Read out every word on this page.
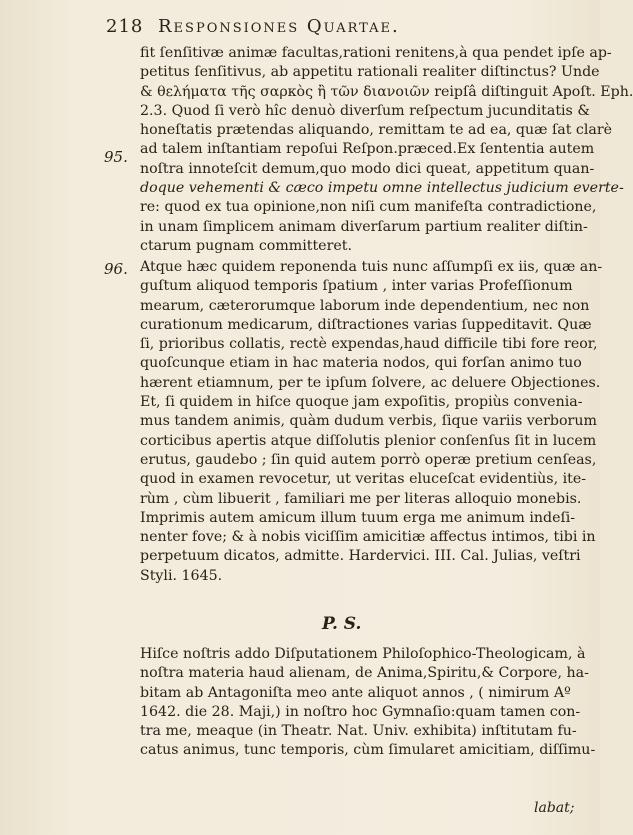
218 Responsiones Quartae.
fit ſenſitivæ animæ facultas,rationi renitens,à qua pendet ipſe ap-
petitus ſenſitivus, ab appetitu rationali realiter diſtinctus? Unde
& θελήματα τῆς σαρκὸς ἢ τῶν διανοιῶν reipſâ diſtinguit Apoſt. Eph.
2.3. Quod ſi verò hîc denuò diverſum reſpectum jucunditatis &
honeſtatis prætendas aliquando, remittam te ad ea, quæ ſat clarè
ad talem inſtantiam repoſui Reſpon.præced.Ex ſententia autem
noſtra innoteſcit demum,quo modo dici queat, appetitum quan-
doque vehementi & cæco impetu omne intellectus judicium everte-
re: quod ex tua opinione,non niſi cum manifeſta contradictione,
in unam ſimplicem animam diverſarum partium realiter diſtin-
ctarum pugnam committeret.
95.
96. Atque hæc quidem reponenda tuis nunc aſſumpſi ex iis, quæ an-
guſtum aliquod temporis ſpatium , inter varias Profeſſionum
mearum, cæterorumque laborum inde dependentium, nec non
curationum medicarum, diſtractiones varias ſuppeditavit. Quæ
ſi, prioribus collatis, rectè expendas,haud difficile tibi fore reor,
quoſcunque etiam in hac materia nodos, qui forſan animo tuo
hærent etiamnum, per te ipſum ſolvere, ac deluere Objectiones.
Et, ſi quidem in hiſce quoque jam expoſitis, propiùs convenia-
mus tandem animis, quàm dudum verbis, ſique variis verborum
corticibus apertis atque diſſolutis plenior conſenſus ſit in lucem
erutus, gaudebo ; ſin quid autem porrò operæ pretium cenſeas,
quod in examen revocetur, ut veritas eluceſcat evidentiùs, ite-
rùm , cùm libuerit , familiari me per literas alloquio monebis.
Imprimis autem amicum illum tuum erga me animum indeſi-
nenter fove; & à nobis viciſſim amicitiæ affectus intimos, tibi in
perpetuum dicatos, admitte. Hardervici. III. Cal. Julias, veſtri
Styli. 1645.
P. S.
Hiſce noſtris addo Diſputationem Philoſophico-Theologicam, à
noſtra materia haud alienam, de Anima,Spiritu,& Corpore, ha-
bitam ab Antagoniſta meo ante aliquot annos , ( nimirum Aº
1642. die 28. Maji,) in noſtro hoc Gymnaſio:quam tamen con-
tra me, meaque (in Theatr. Nat. Univ. exhibita) inſtitutam fu-
catus animus, tunc temporis, cùm ſimularet amicitiam, diſſimu-
labat;
